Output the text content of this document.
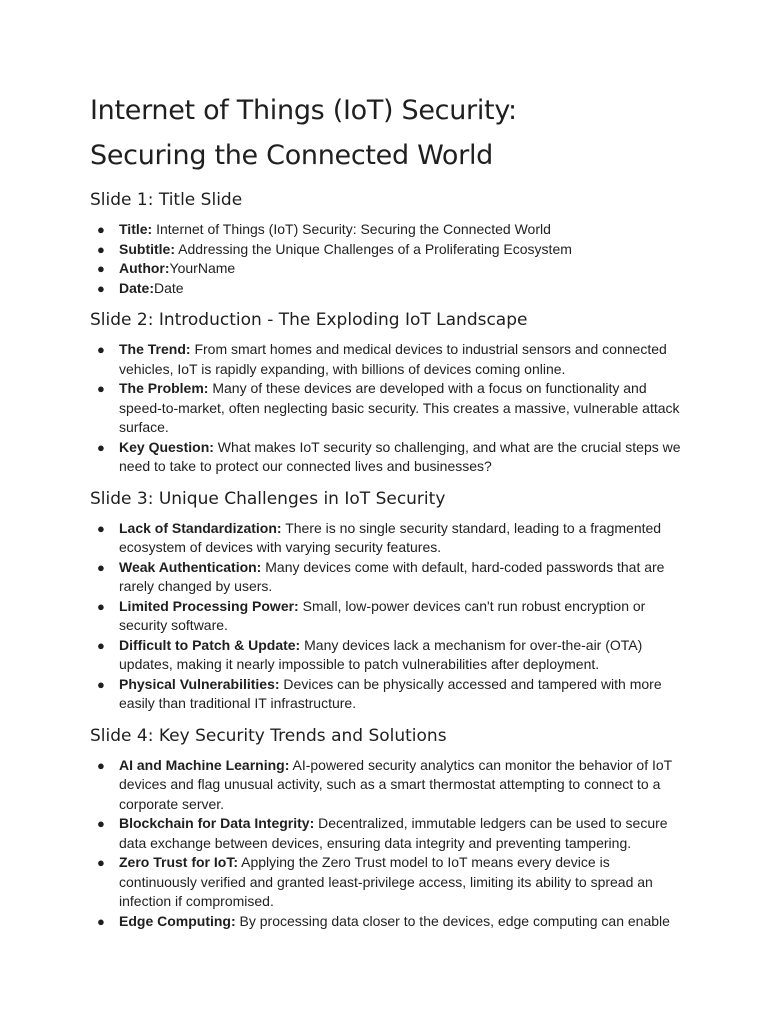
Internet of Things (IoT) Security:
Securing the Connected World
Slide 1: Title Slide
● Title: Internet of Things (IoT) Security: Securing the Connected World
● Subtitle: Addressing the Unique Challenges of a Proliferating Ecosystem
● Author:YourName
● Date:Date
Slide 2: Introduction - The Exploding IoT Landscape
● The Trend: From smart homes and medical devices to industrial sensors and connected vehicles, IoT is rapidly expanding, with billions of devices coming online.
● The Problem: Many of these devices are developed with a focus on functionality and speed-to-market, often neglecting basic security. This creates a massive, vulnerable attack surface.
● Key Question: What makes IoT security so challenging, and what are the crucial steps we need to take to protect our connected lives and businesses?
Slide 3: Unique Challenges in IoT Security
● Lack of Standardization: There is no single security standard, leading to a fragmented ecosystem of devices with varying security features.
● Weak Authentication: Many devices come with default, hard-coded passwords that are rarely changed by users.
● Limited Processing Power: Small, low-power devices can't run robust encryption or security software.
● Difficult to Patch & Update: Many devices lack a mechanism for over-the-air (OTA) updates, making it nearly impossible to patch vulnerabilities after deployment.
● Physical Vulnerabilities: Devices can be physically accessed and tampered with more easily than traditional IT infrastructure.
Slide 4: Key Security Trends and Solutions
● AI and Machine Learning: AI-powered security analytics can monitor the behavior of IoT devices and flag unusual activity, such as a smart thermostat attempting to connect to a corporate server.
● Blockchain for Data Integrity: Decentralized, immutable ledgers can be used to secure data exchange between devices, ensuring data integrity and preventing tampering.
● Zero Trust for IoT: Applying the Zero Trust model to IoT means every device is continuously verified and granted least-privilege access, limiting its ability to spread an infection if compromised.
● Edge Computing: By processing data closer to the devices, edge computing can enable
